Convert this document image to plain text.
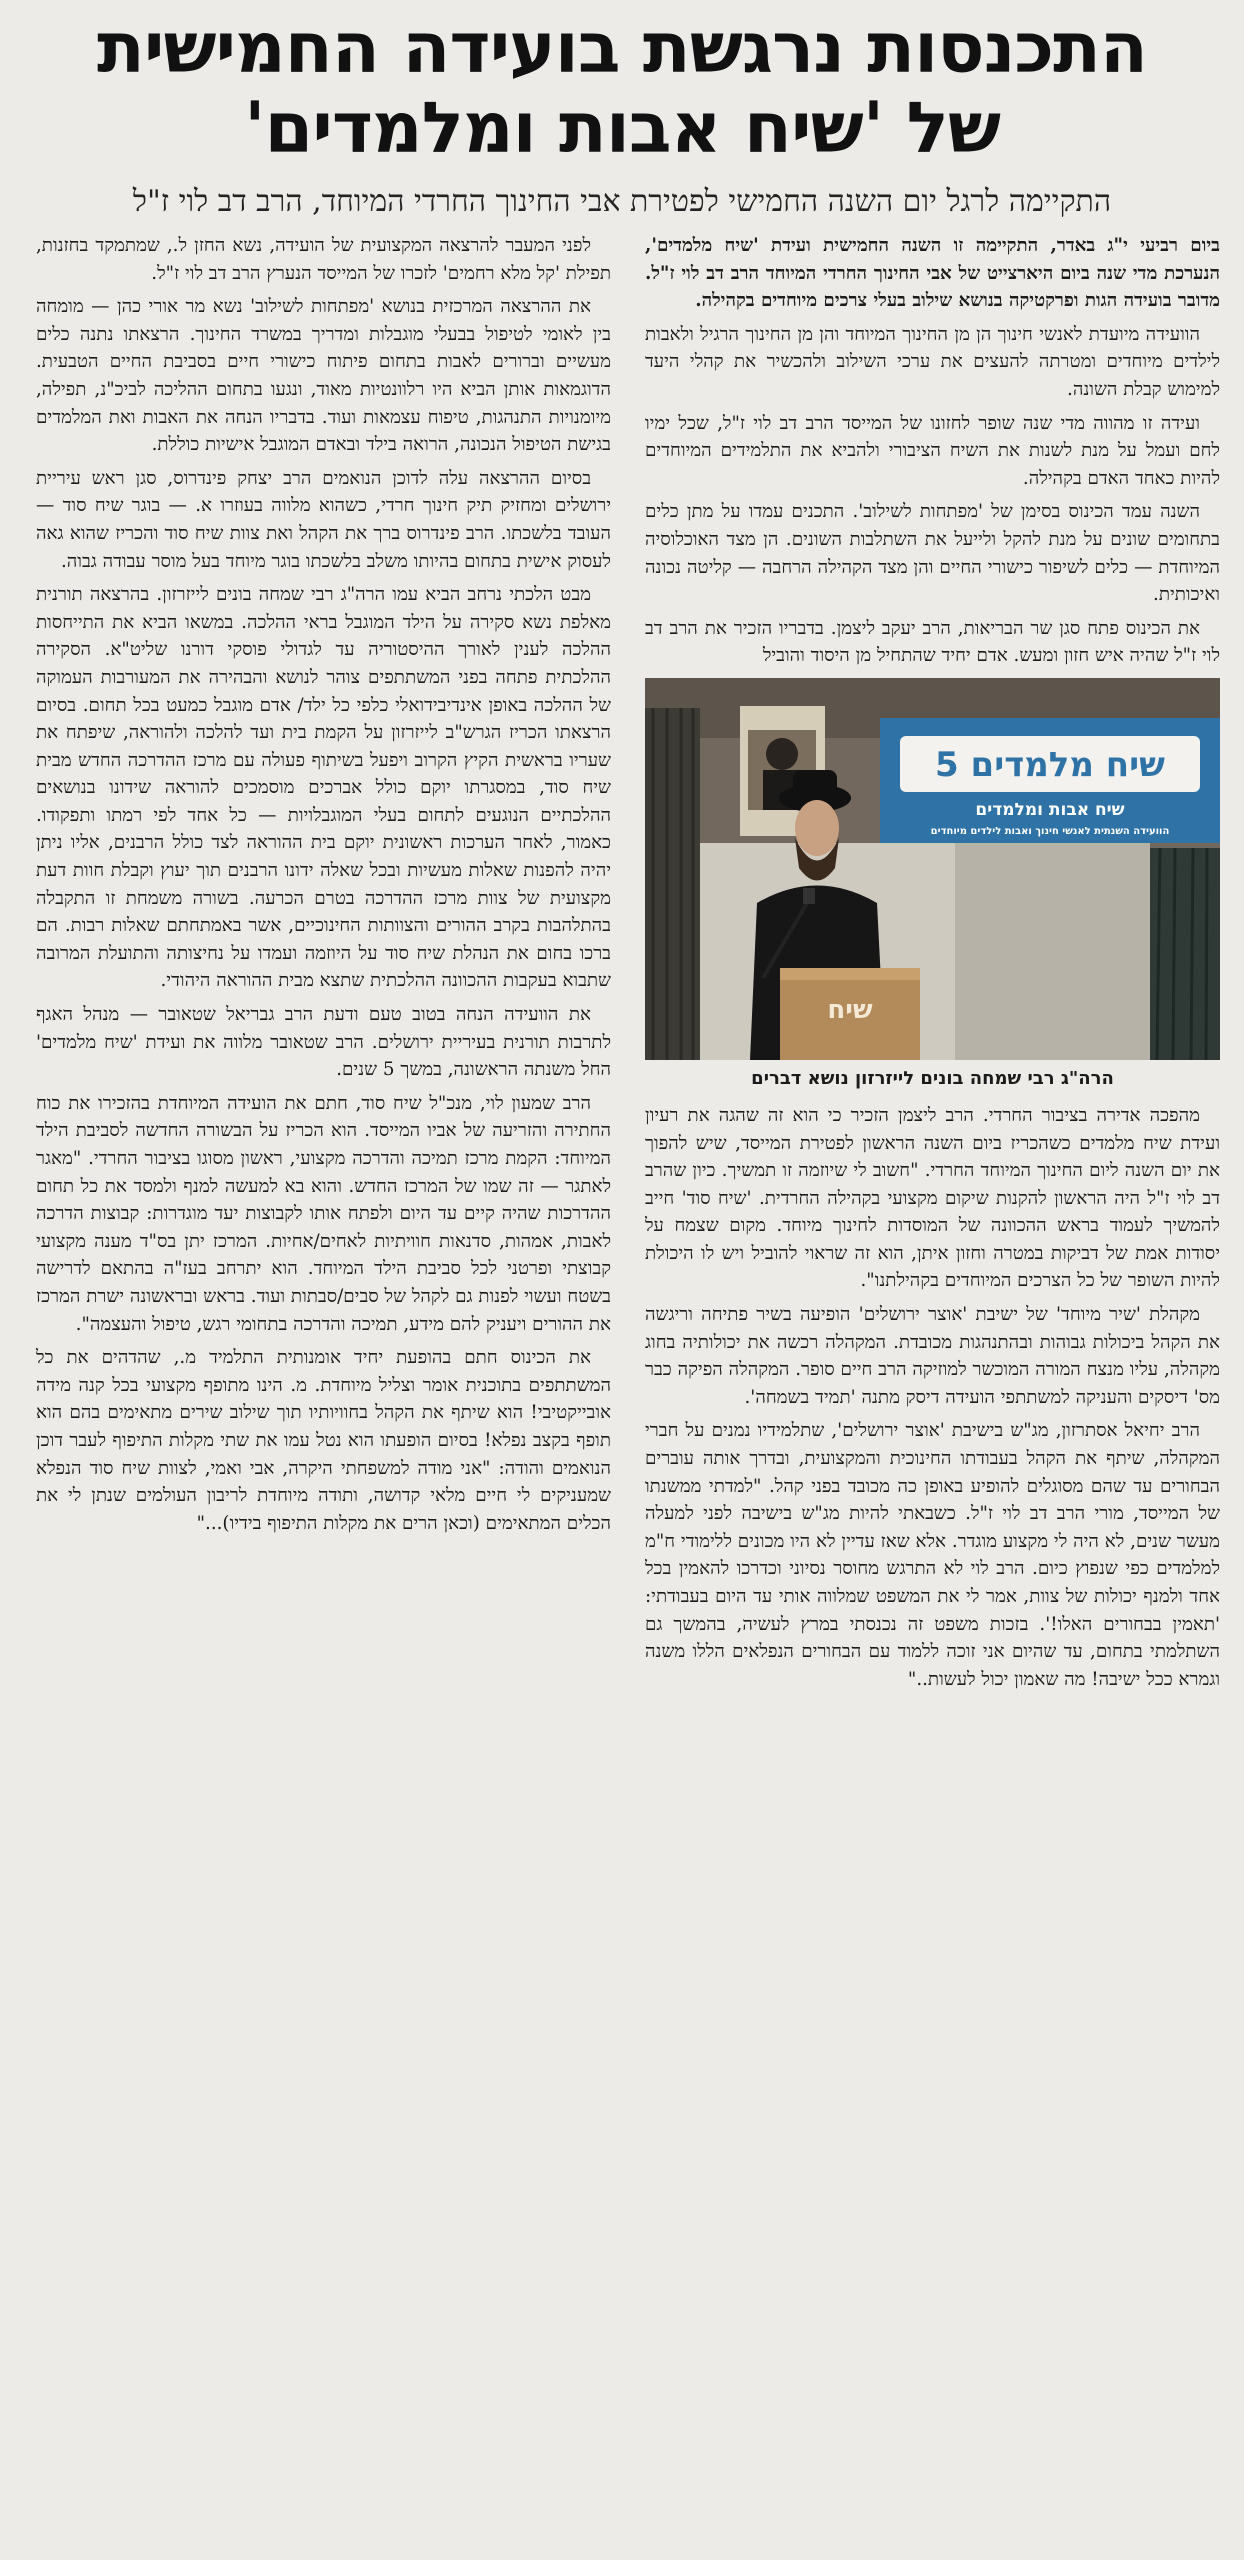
התכנסות נרגשת בועידה החמישית
של 'שיח אבות ומלמדים'
התקיימה לרגל יום השנה החמישי לפטירת אבי החינוך החרדי המיוחד, הרב דב לוי ז"ל

ביום רביעי י"ג באדר, התקיימה זו השנה החמישית ועידת 'שיח מלמדים', הנערכת מדי שנה ביום היארצייט של אבי החינוך החרדי המיוחד הרב דב לוי ז"ל. מדובר בועידה הגות ופרקטיקה בנושא שילוב בעלי צרכים מיוחדים בקהילה.

הוועידה מיועדת לאנשי חינוך הן מן החינוך המיוחד והן מן החינוך הרגיל ולאבות לילדים מיוחדים ומטרתה להעצים את ערכי השילוב ולהכשיר את קהלי היעד למימוש קבלת השונה.

ועידה זו מהווה מדי שנה שופר לחזונו של המייסד הרב דב לוי ז"ל, שכל ימיו לחם ועמל על מנת לשנות את השיח הציבורי ולהביא את התלמידים המיוחדים להיות כאחד האדם בקהילה.

השנה עמד הכינוס בסימן של 'מפתחות לשילוב'. התכנים עמדו על מתן כלים בתחומים שונים על מנת להקל ולייעל את השתלבות השונים. הן מצד האוכלוסיה המיוחדת — כלים לשיפור כישורי החיים והן מצד הקהילה הרחבה — קליטה נכונה ואיכותית.

את הכינוס פתח סגן שר הבריאות, הרב יעקב ליצמן. בדבריו הזכיר את הרב דב לוי ז"ל שהיה איש חזון ומעש. אדם יחיד שהתחיל מן היסוד והוביל

שיח מלמדים 5
שיח אבות ומלמדים
הוועידה השנתית לאנשי חינוך ואבות לילדים מיוחדים
שיח
הרה"ג רבי שמחה בונים לייזרזון נושא דברים

מהפכה אדירה בציבור החרדי. הרב ליצמן הזכיר כי הוא זה שהגה את רעיון ועידת שיח מלמדים כשהכריז ביום השנה הראשון לפטירת המייסד, שיש להפוך את יום השנה ליום החינוך המיוחד החרדי. "חשוב לי שיוזמה זו תמשיך. כיון שהרב דב לוי ז"ל היה הראשון להקנות שיקום מקצועי בקהילה החרדית. 'שיח סוד' חייב להמשיך לעמוד בראש ההכוונה של המוסדות לחינוך מיוחד. מקום שצמח על יסודות אמת של דביקות במטרה וחזון איתן, הוא זה שראוי להוביל ויש לו היכולת להיות השופר של כל הצרכים המיוחדים בקהילתנו".

מקהלת 'שיר מיוחד' של ישיבת 'אוצר ירושלים' הופיעה בשיר פתיחה וריגשה את הקהל ביכולות גבוהות ובהתנהגות מכובדת. המקהלה רכשה את יכולותיה בחוג מקהלה, עליו מנצח המורה המוכשר למוזיקה הרב חיים סופר. המקהלה הפיקה כבר מס' דיסקים והעניקה למשתתפי הועידה דיסק מתנה 'תמיד בשמחה'.

הרב יחיאל אסתרזון, מג"ש בישיבת 'אוצר ירושלים', שתלמידיו נמנים על חברי המקהלה, שיתף את הקהל בעבודתו החינוכית והמקצועית, ובדרך אותה עוברים הבחורים עד שהם מסוגלים להופיע באופן כה מכובד בפני קהל. "למדתי ממשנתו של המייסד, מורי הרב דב לוי ז"ל. כשבאתי להיות מג"ש בישיבה לפני למעלה מעשר שנים, לא היה לי מקצוע מוגדר. אלא שאז עדיין לא היו מכונים ללימודי ח"מ למלמדים כפי שנפוץ כיום. הרב לוי לא התרגש מחוסר נסיוני וכדרכו להאמין בכל אחד ולמנף יכולות של צוות, אמר לי את המשפט שמלווה אותי עד היום בעבודתי: 'תאמין בבחורים האלו!'. בזכות משפט זה נכנסתי במרץ לעשיה, בהמשך גם השתלמתי בתחום, עד שהיום אני זוכה ללמוד עם הבחורים הנפלאים הללו משנה וגמרא ככל ישיבה! מה שאמון יכול לעשות.."

לפני המעבר להרצאה המקצועית של הועידה, נשא החזן ל., שמתמקד בחזנות, תפילת 'קל מלא רחמים' לזכרו של המייסד הנערץ הרב דב לוי ז"ל.

את ההרצאה המרכזית בנושא 'מפתחות לשילוב' נשא מר אורי כהן — מומחה בין לאומי לטיפול בבעלי מוגבלות ומדריך במשרד החינוך. הרצאתו נתנה כלים מעשיים וברורים לאבות בתחום פיתוח כישורי חיים בסביבת החיים הטבעית. הדוגמאות אותן הביא היו רלוונטיות מאוד, ונגעו בתחום ההליכה לביכ"נ, תפילה, מיומנויות התנהגות, טיפוח עצמאות ועוד. בדבריו הנחה את האבות ואת המלמדים בגישת הטיפול הנכונה, הרואה בילד ובאדם המוגבל אישיות כוללת.

בסיום ההרצאה עלה לדוכן הנואמים הרב יצחק פינדרוס, סגן ראש עיריית ירושלים ומחזיק תיק חינוך חרדי, כשהוא מלווה בעוזרו א. — בוגר שיח סוד — העובד בלשכתו. הרב פינדרוס ברך את הקהל ואת צוות שיח סוד והכריז שהוא גאה לעסוק אישית בתחום בהיותו משלב בלשכתו בוגר מיוחד בעל מוסר עבודה גבוה.

מבט הלכתי נרחב הביא עמו הרה"ג רבי שמחה בונים לייזרזון. בהרצאה תורנית מאלפת נשא סקירה על הילד המוגבל בראי ההלכה. במשאו הביא את התייחסות ההלכה לענין לאורך ההיסטוריה עד לגדולי פוסקי דורנו שליט"א. הסקירה ההלכתית פתחה בפני המשתתפים צוהר לנושא והבהירה את המעורבות העמוקה של ההלכה באופן אינדיבידואלי כלפי כל ילד/ אדם מוגבל כמעט בכל תחום. בסיום הרצאתו הכריז הגרש"ב לייזרזון על הקמת בית ועד להלכה ולהוראה, שיפתח את שעריו בראשית הקיץ הקרוב ויפעל בשיתוף פעולה עם מרכז ההדרכה החדש מבית שיח סוד, במסגרתו יוקם כולל אברכים מוסמכים להוראה שידונו בנושאים ההלכתיים הנוגעים לתחום בעלי המוגבלויות — כל אחד לפי רמתו ותפקודו. כאמור, לאחר הערכות ראשונית יוקם בית ההוראה לצד כולל הרבנים, אליו ניתן יהיה להפנות שאלות מעשיות ובכל שאלה ידונו הרבנים תוך יעוץ וקבלת חוות דעת מקצועית של צוות מרכז ההדרכה בטרם הכרעה. בשורה משמחת זו התקבלה בהתלהבות בקרב ההורים והצוותות החינוכיים, אשר באמתחתם שאלות רבות. הם ברכו בחום את הנהלת שיח סוד על היוזמה ועמדו על נחיצותה והתועלת המרובה שתבוא בעקבות ההכוונה ההלכתית שתצא מבית ההוראה היהודי.

את הוועידה הנחה בטוב טעם ודעת הרב גבריאל שטאובר — מנהל האגף לתרבות תורנית בעיריית ירושלים. הרב שטאובר מלווה את ועידת 'שיח מלמדים' החל משנתה הראשונה, במשך 5 שנים.

הרב שמעון לוי, מנכ"ל שיח סוד, חתם את הועידה המיוחדת בהזכירו את כוח החתירה והזריעה של אביו המייסד. הוא הכריז על הבשורה החדשה לסביבת הילד המיוחד: הקמת מרכז תמיכה והדרכה מקצועי, ראשון מסוגו בציבור החרדי. "מאגר לאתגר — זה שמו של המרכז החדש. והוא בא למעשה למנף ולמסד את כל תחום ההדרכות שהיה קיים עד היום ולפתח אותו לקבוצות יעד מוגדרות: קבוצות הדרכה לאבות, אמהות, סדנאות חוויתיות לאחים/אחיות. המרכז יתן בס"ד מענה מקצועי קבוצתי ופרטני לכל סביבת הילד המיוחד. הוא יתרחב בעז"ה בהתאם לדרישה בשטח ועשוי לפנות גם לקהל של סבים/סבתות ועוד. בראש ובראשונה ישרת המרכז את ההורים ויעניק להם מידע, תמיכה והדרכה בתחומי רגש, טיפול והעצמה".

את הכינוס חתם בהופעת יחיד אומנותית התלמיד מ., שהדהים את כל המשתתפים בתוכנית אומר וצליל מיוחדת. מ. הינו מתופף מקצועי בכל קנה מידה אובייקטיבי! הוא שיתף את הקהל בחוויותיו תוך שילוב שירים מתאימים בהם הוא תופף בקצב נפלא! בסיום הופעתו הוא נטל עמו את שתי מקלות התיפוף לעבר דוכן הנואמים והודה: "אני מודה למשפחתי היקרה, אבי ואמי, לצוות שיח סוד הנפלא שמעניקים לי חיים מלאי קדושה, ותודה מיוחדת לריבון העולמים שנתן לי את הכלים המתאימים (וכאן הרים את מקלות התיפוף בידיו)..."
